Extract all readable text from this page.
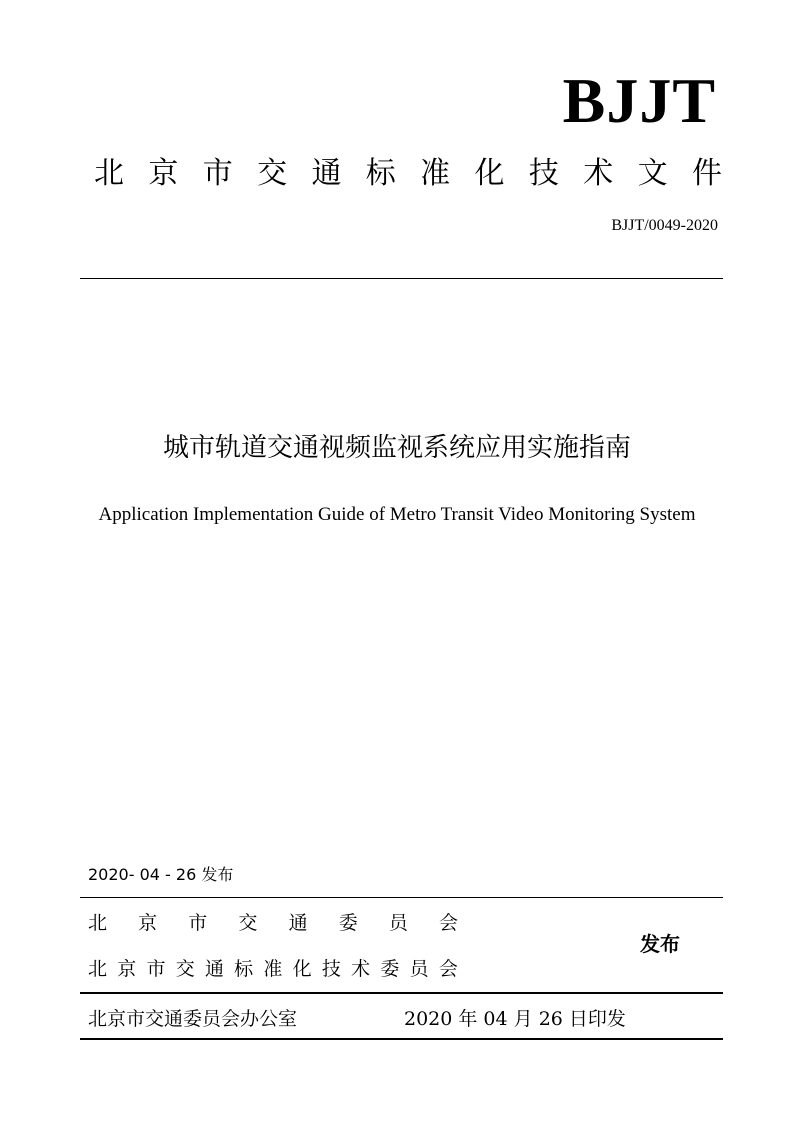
BJJT
北 京 市 交 通 标 准 化 技 术 文 件
BJJT/0049-2020
城市轨道交通视频监视系统应用实施指南
Application Implementation Guide of Metro Transit Video Monitoring System
2020- 04 - 26 发布
北 京 市 交 通 委 员 会
北 京 市 交 通 标 准 化 技 术 委 员 会
发布
北京市交通委员会办公室	2020 年 04 月 26 日印发
